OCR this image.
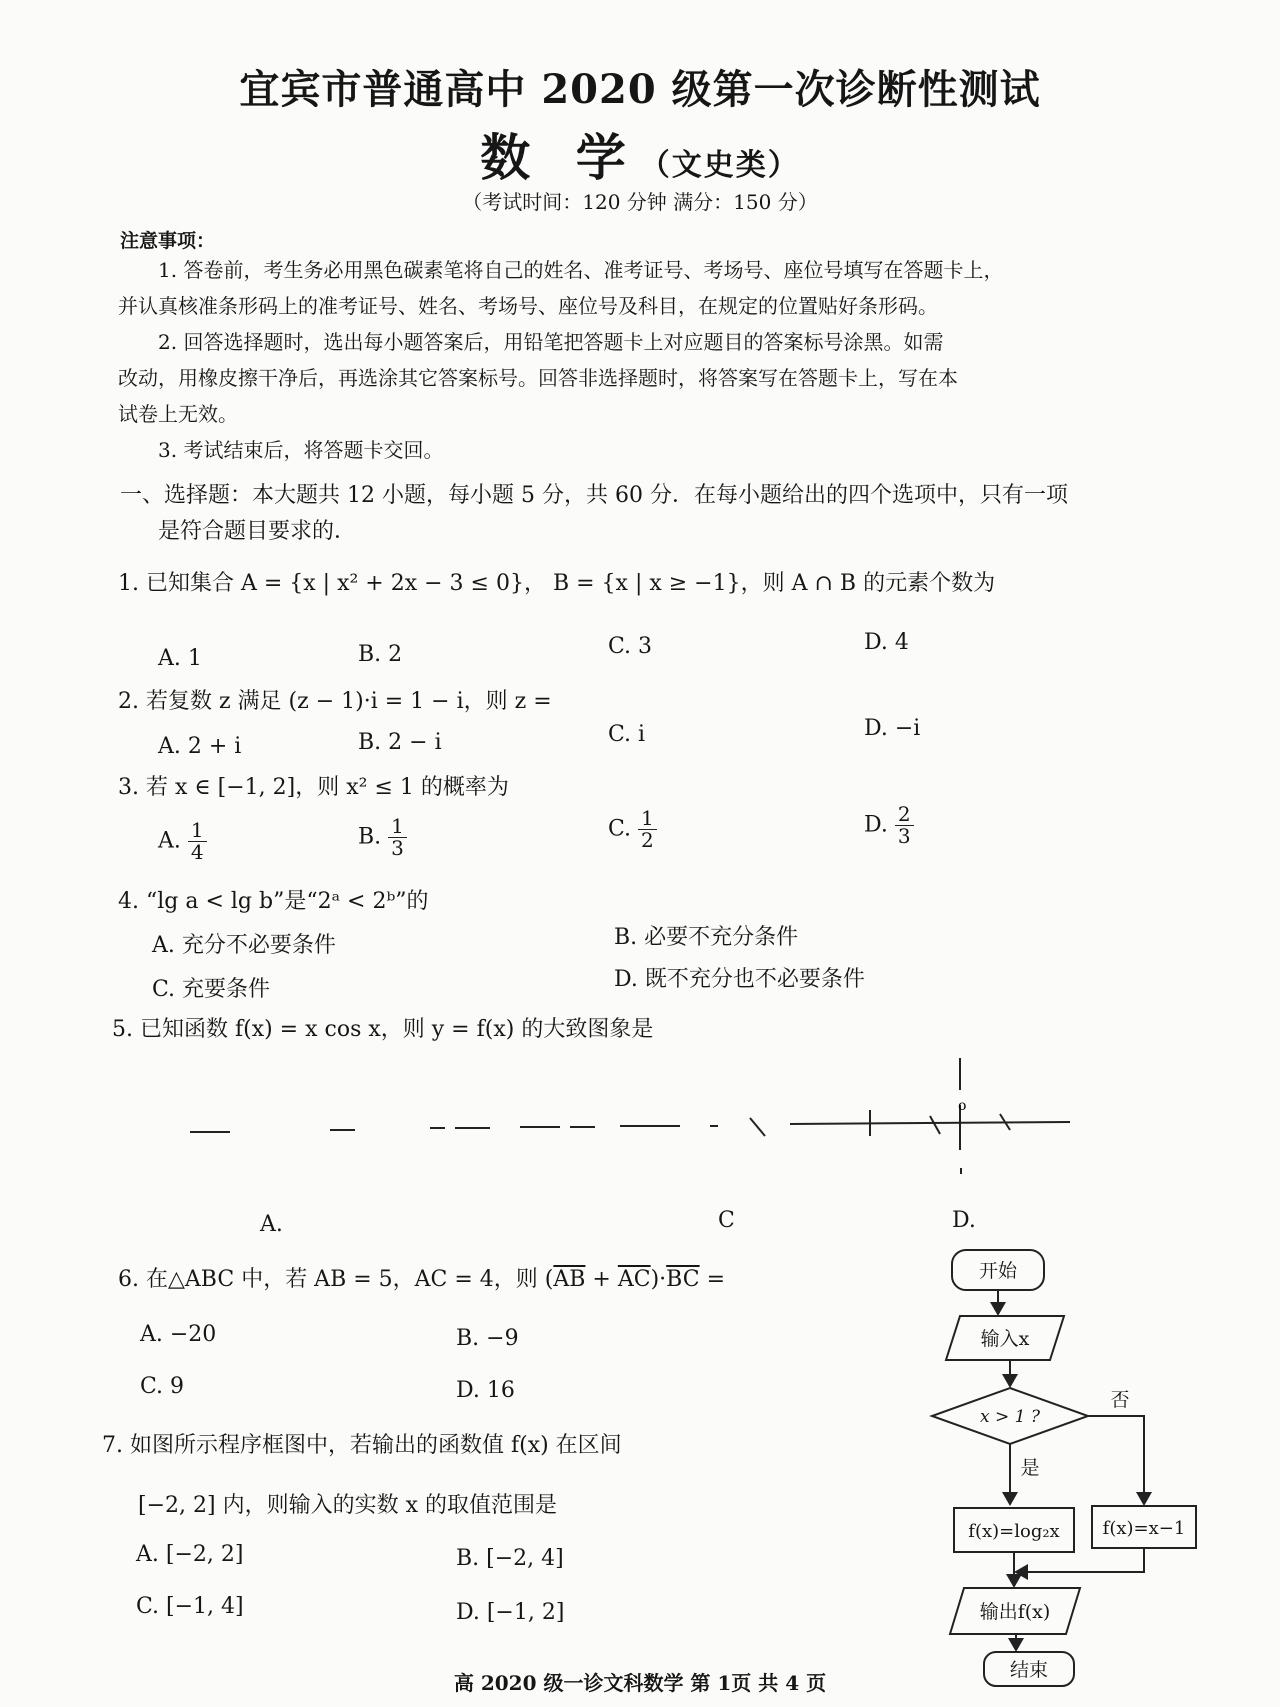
宜宾市普通高中 2020 级第一次诊断性测试
数 学（文史类）
（考试时间：120 分钟 满分：150 分）
注意事项：
1. 答卷前，考生务必用黑色碳素笔将自己的姓名、准考证号、考场号、座位号填写在答题卡上，
并认真核准条形码上的准考证号、姓名、考场号、座位号及科目，在规定的位置贴好条形码。
2. 回答选择题时，选出每小题答案后，用铅笔把答题卡上对应题目的答案标号涂黑。如需
改动，用橡皮擦干净后，再选涂其它答案标号。回答非选择题时，将答案写在答题卡上，写在本
试卷上无效。
3. 考试结束后，将答题卡交回。
一、选择题：本大题共 12 小题，每小题 5 分，共 60 分．在每小题给出的四个选项中，只有一项
是符合题目要求的．
1. 已知集合 A = {x | x² + 2x − 3 ≤ 0}， B = {x | x ≥ −1}，则 A ∩ B 的元素个数为
A. 1	B. 2	C. 3	D. 4
2. 若复数 z 满足 (z − 1)·i = 1 − i，则 z =
A. 2 + i	B. 2 − i	C. i	D. −i
3. 若 x ∈ [−1, 2]，则 x² ≤ 1 的概率为
A. $\frac{1}{4}$	B. $\frac{1}{3}$	C. $\frac{1}{2}$	D. $\frac{2}{3}$
4. “lg a < lg b”是“2ᵃ < 2ᵇ”的
A. 充分不必要条件	B. 必要不充分条件
C. 充要条件	D. 既不充分也不必要条件
5. 已知函数 f(x) = x cos x，则 y = f(x) 的大致图象是
o
A.	C	D.
6. 在△ABC 中，若 AB = 5，AC = 4，则 $(\overline{AB} + \overline{AC})\cdot\overline{BC}$ =
A. −20	B. −9
C. 9	D. 16
7. 如图所示程序框图中，若输出的函数值 f(x) 在区间
[−2, 2] 内，则输入的实数 x 的取值范围是
A. [−2, 2]	B. [−2, 4]
C. [−1, 4]	D. [−1, 2]
开始
输入x
x > 1 ?
否
是
f(x)=log₂x f(x)=x−1
输出f(x)
结束
高 2020 级一诊文科数学 第 1页 共 4 页
